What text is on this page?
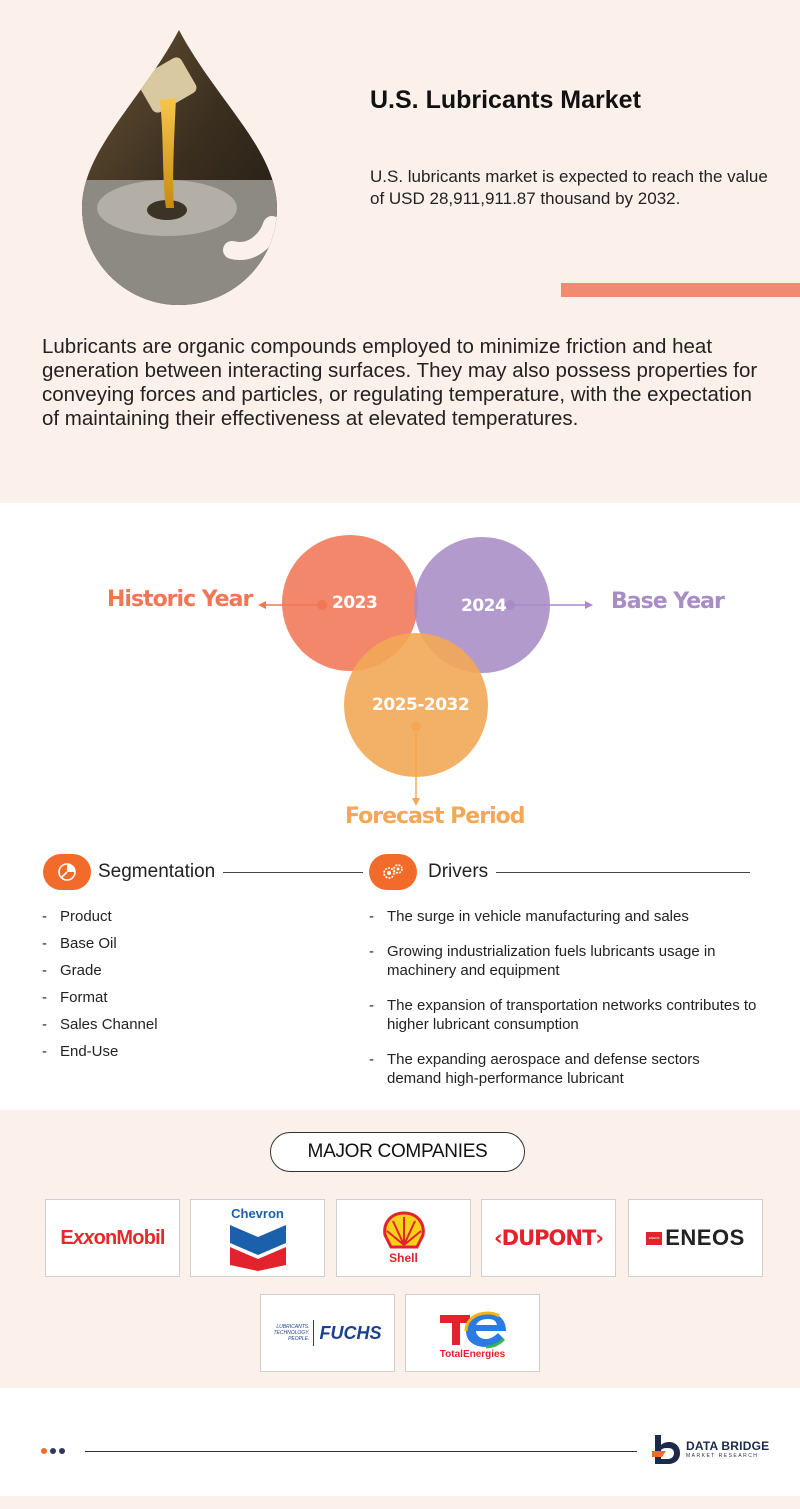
U.S. Lubricants Market

U.S. lubricants market is expected to reach the value of USD 28,911,911.87 thousand by 2032.

Lubricants are organic compounds employed to minimize friction and heat generation between interacting surfaces. They may also possess properties for conveying forces and particles, or regulating temperature, with the expectation of maintaining their effectiveness at elevated temperatures.

Historic Year	2023	2024	Base Year
2025-2032
Forecast Period
Segmentation	Drivers
- Product
- Base Oil
- Grade
- Format
- Sales Channel
- End-Use
- The surge in vehicle manufacturing and sales
- Growing industrialization fuels lubricants usage in machinery and equipment
- The expansion of transportation networks contributes to higher lubricant consumption
- The expanding aerospace and defense sectors demand high-performance lubricant
MAJOR COMPANIES
ExxonMobil
Chevron
Shell
‹DUPONT›	ENEOS ENEOS
LUBRICANTS.
TECHNOLOGY.
PEOPLE. FUCHS
TotalEnergies
DATA BRIDGE
MARKET RESEARCH
